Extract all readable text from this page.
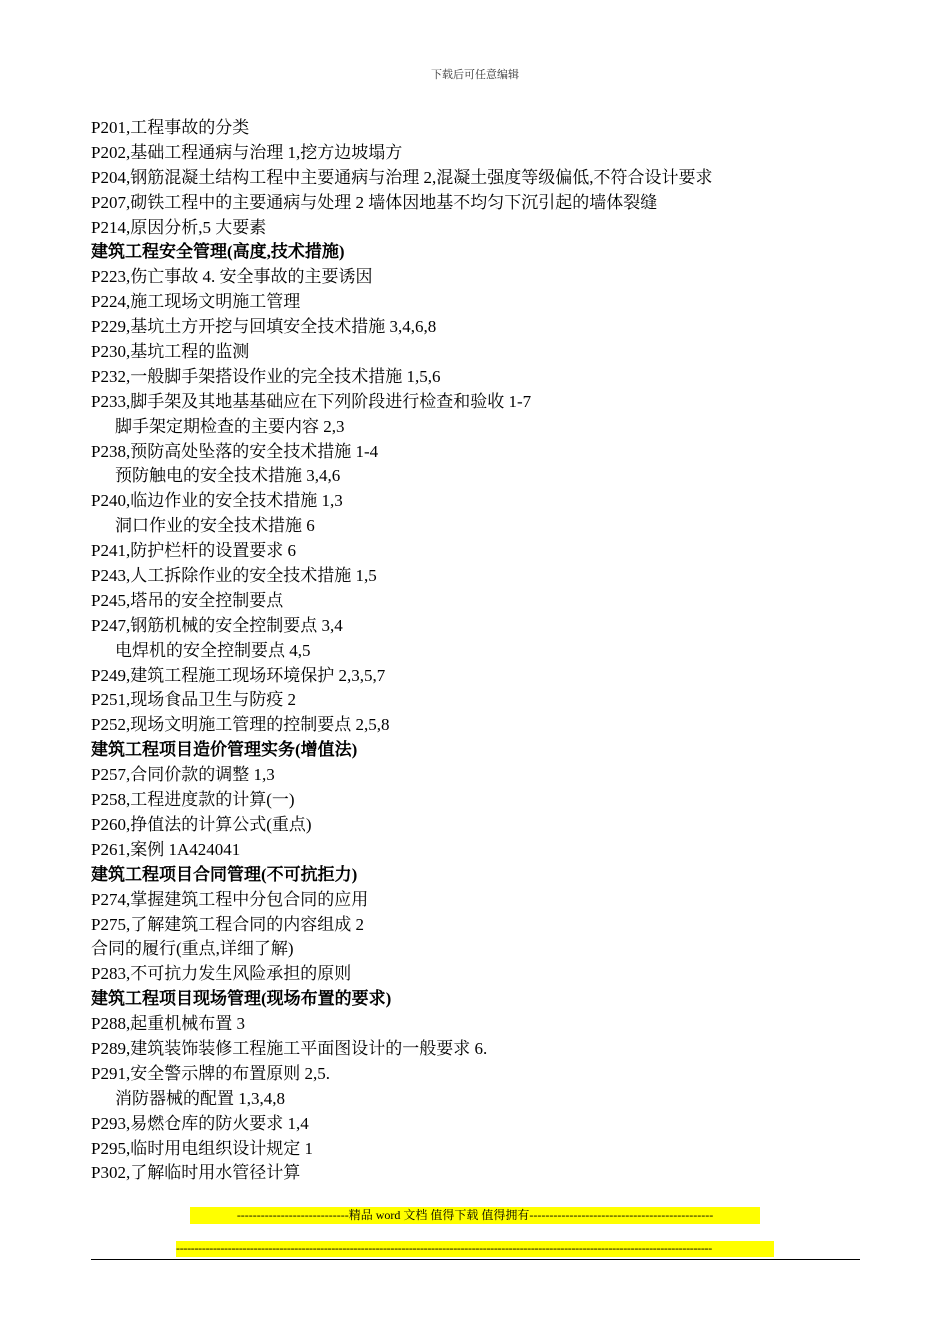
下载后可任意编辑
P201,工程事故的分类
P202,基础工程通病与治理 1,挖方边坡塌方
P204,钢筋混凝土结构工程中主要通病与治理 2,混凝土强度等级偏低,不符合设计要求
P207,砌铁工程中的主要通病与处理 2 墙体因地基不均匀下沉引起的墙体裂缝
P214,原因分析,5 大要素
建筑工程安全管理(高度,技术措施)
P223,伤亡事故 4. 安全事故的主要诱因
P224,施工现场文明施工管理
P229,基坑土方开挖与回填安全技术措施 3,4,6,8
P230,基坑工程的监测
P232,一般脚手架搭设作业的完全技术措施 1,5,6
P233,脚手架及其地基基础应在下列阶段进行检查和验收 1-7
脚手架定期检查的主要内容 2,3
P238,预防高处坠落的安全技术措施 1-4
预防触电的安全技术措施 3,4,6
P240,临边作业的安全技术措施 1,3
洞口作业的安全技术措施 6
P241,防护栏杆的设置要求 6
P243,人工拆除作业的安全技术措施 1,5
P245,塔吊的安全控制要点
P247,钢筋机械的安全控制要点 3,4
电焊机的安全控制要点 4,5
P249,建筑工程施工现场环境保护 2,3,5,7
P251,现场食品卫生与防疫 2
P252,现场文明施工管理的控制要点 2,5,8
建筑工程项目造价管理实务(增值法)
P257,合同价款的调整 1,3
P258,工程进度款的计算(一)
P260,挣值法的计算公式(重点)
P261,案例 1A424041
建筑工程项目合同管理(不可抗拒力)
P274,掌握建筑工程中分包合同的应用
P275,了解建筑工程合同的内容组成 2
合同的履行(重点,详细了解)
P283,不可抗力发生风险承担的原则
建筑工程项目现场管理(现场布置的要求)
P288,起重机械布置 3
P289,建筑装饰装修工程施工平面图设计的一般要求 6.
P291,安全警示牌的布置原则 2,5.
消防器械的配置 1,3,4,8
P293,易燃仓库的防火要求 1,4
P295,临时用电组织设计规定 1
P302,了解临时用水管径计算
----------------------------精品 word 文档 值得下载 值得拥有----------------------------------------------
-------------------------------------------------------------------------------------------------------------------------------------------------
